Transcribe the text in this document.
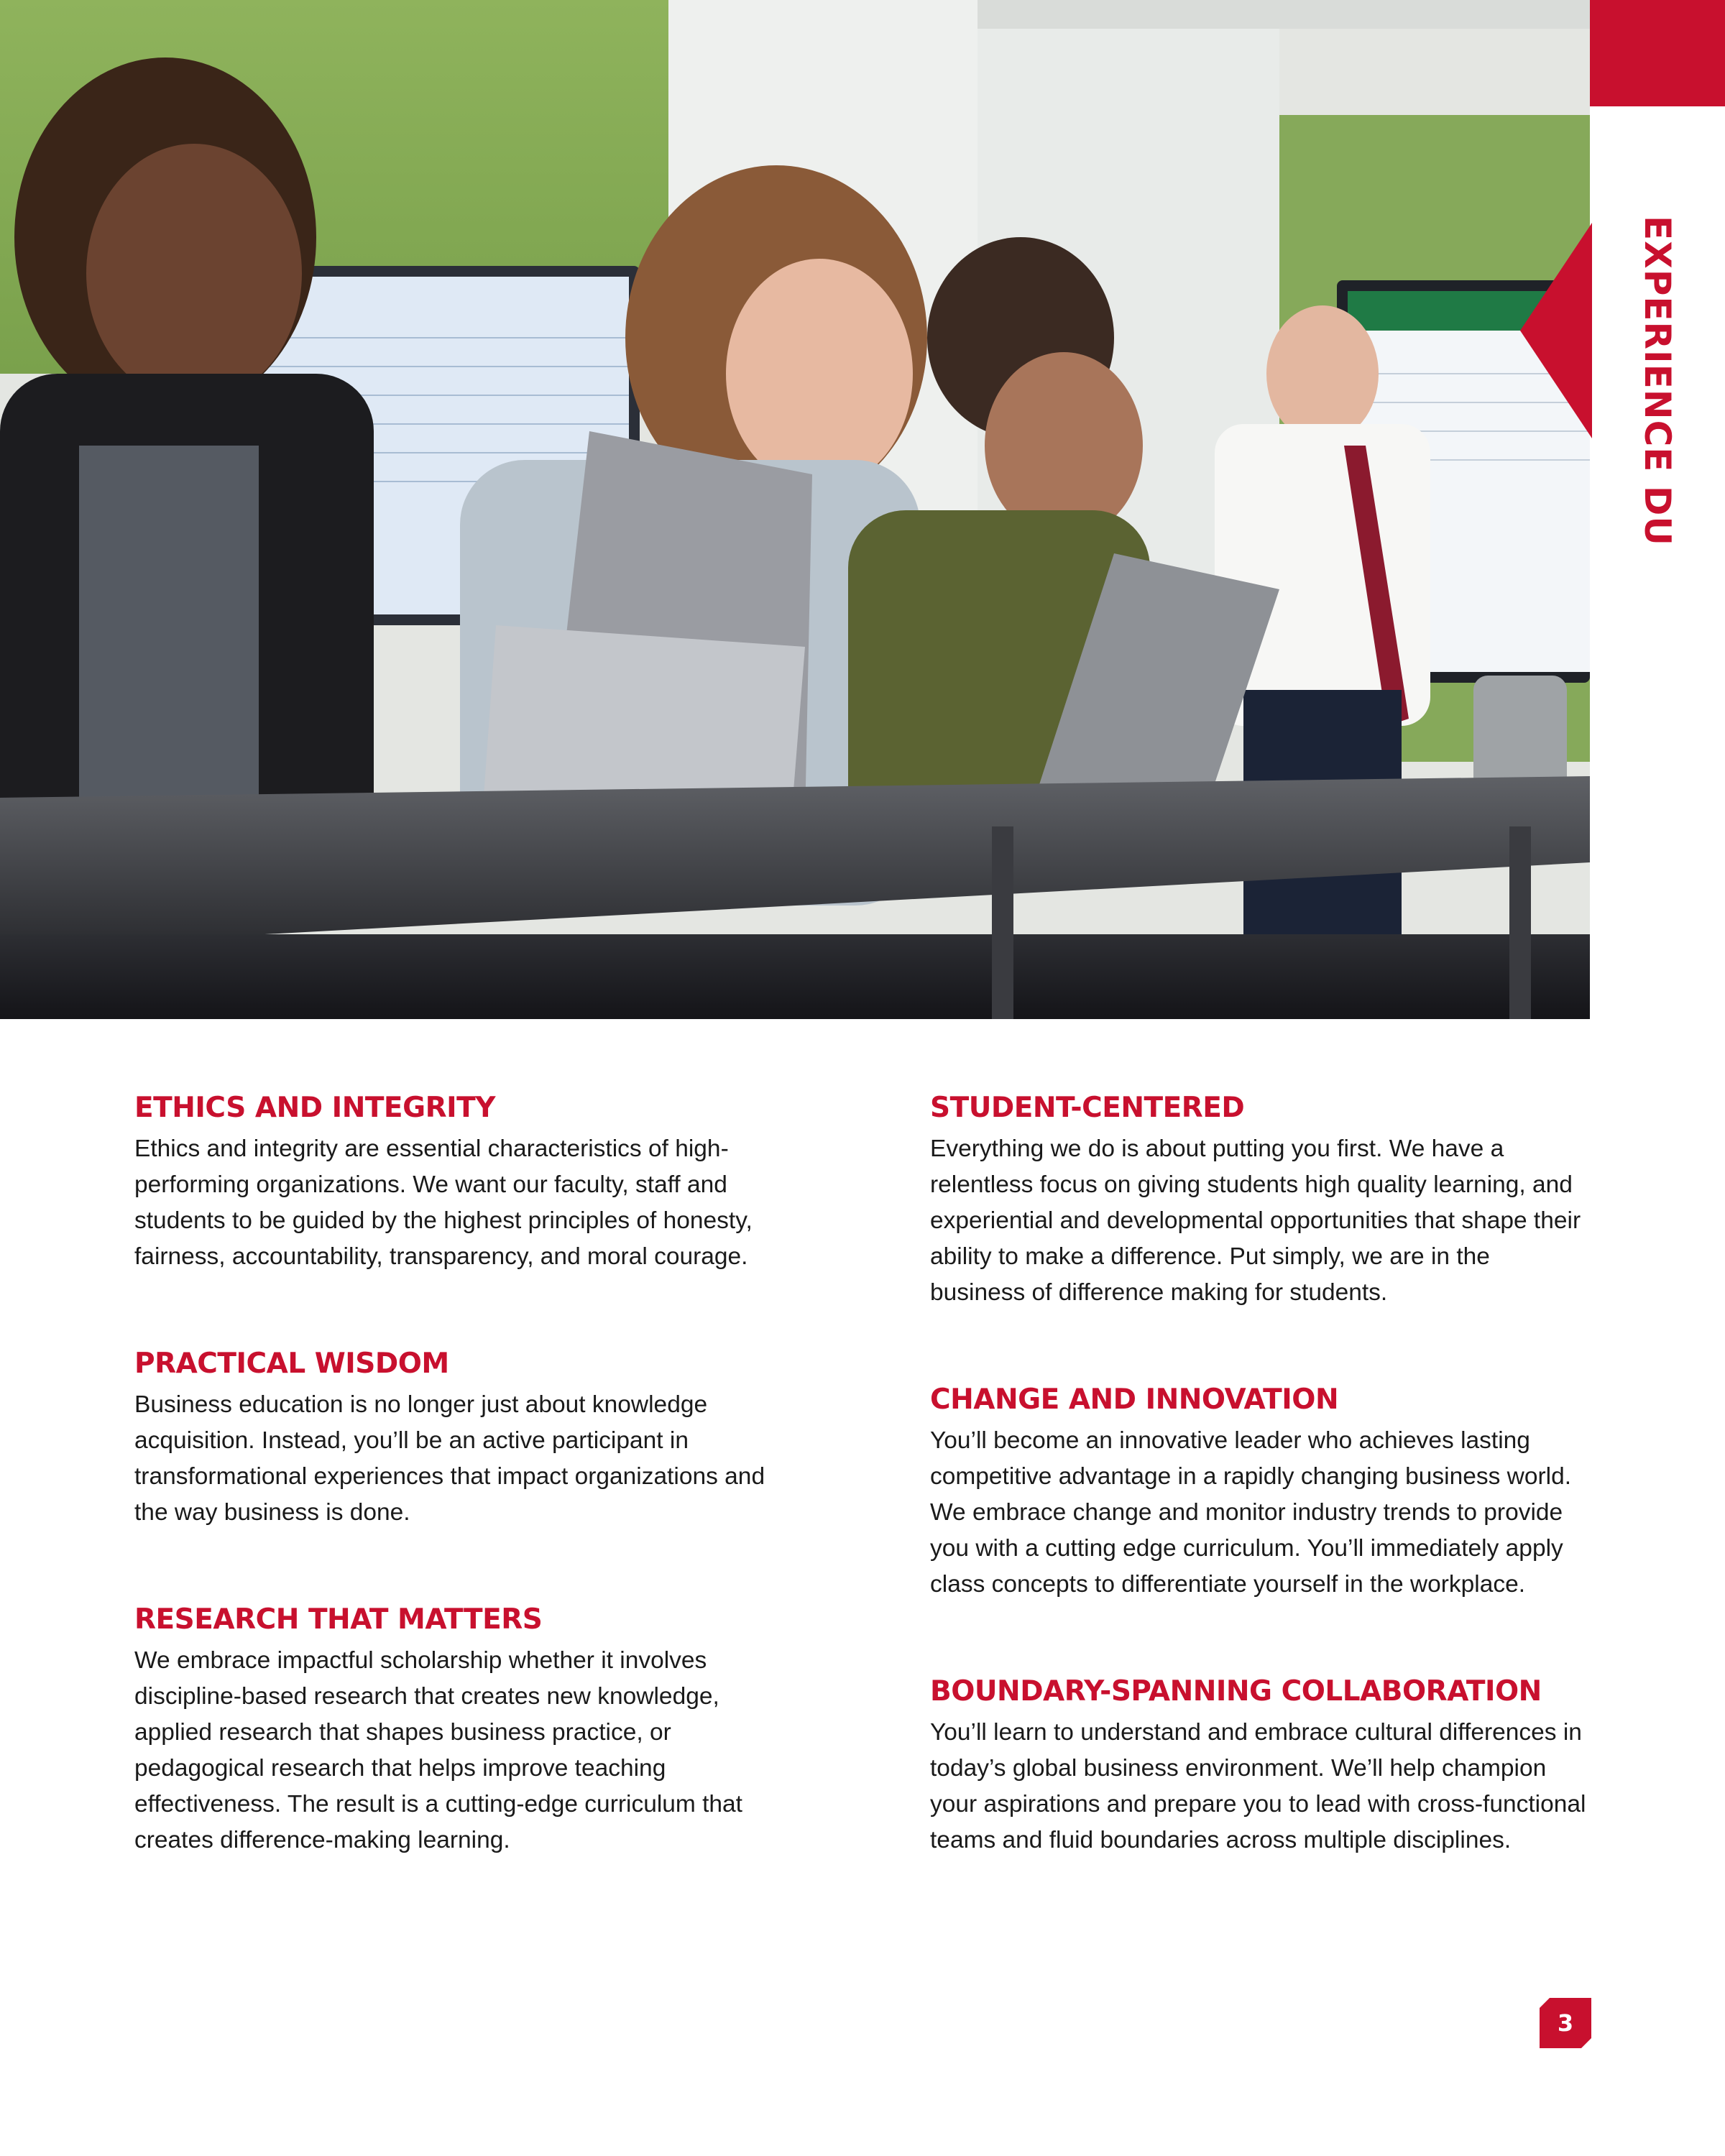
EXPERIENCE DU
ETHICS AND INTEGRITY

Ethics and integrity are essential characteristics of high-performing organizations. We want our faculty, staff and students to be guided by the highest principles of honesty, fairness, accountability, transparency, and moral courage.

PRACTICAL WISDOM

Business education is no longer just about knowledge acquisition. Instead, you’ll be an active participant in transformational experiences that impact organizations and the way business is done.

RESEARCH THAT MATTERS

We embrace impactful scholarship whether it involves discipline-based research that creates new knowledge, applied research that shapes business practice, or pedagogical research that helps improve teaching effectiveness. The result is a cutting-edge curriculum that creates difference-making learning.

STUDENT-CENTERED

Everything we do is about putting you first. We have a relentless focus on giving students high quality learning, and experiential and developmental opportunities that shape their ability to make a difference. Put simply, we are in the business of difference making for students.

CHANGE AND INNOVATION

You’ll become an innovative leader who achieves lasting competitive advantage in a rapidly changing business world. We embrace change and monitor industry trends to provide you with a cutting edge curriculum. You’ll immediately apply class concepts to differentiate yourself in the workplace.

BOUNDARY-SPANNING COLLABORATION

You’ll learn to understand and embrace cultural differences in today’s global business environment. We’ll help champion your aspirations and prepare you to lead with cross-functional teams and fluid boundaries across multiple disciplines.

3
